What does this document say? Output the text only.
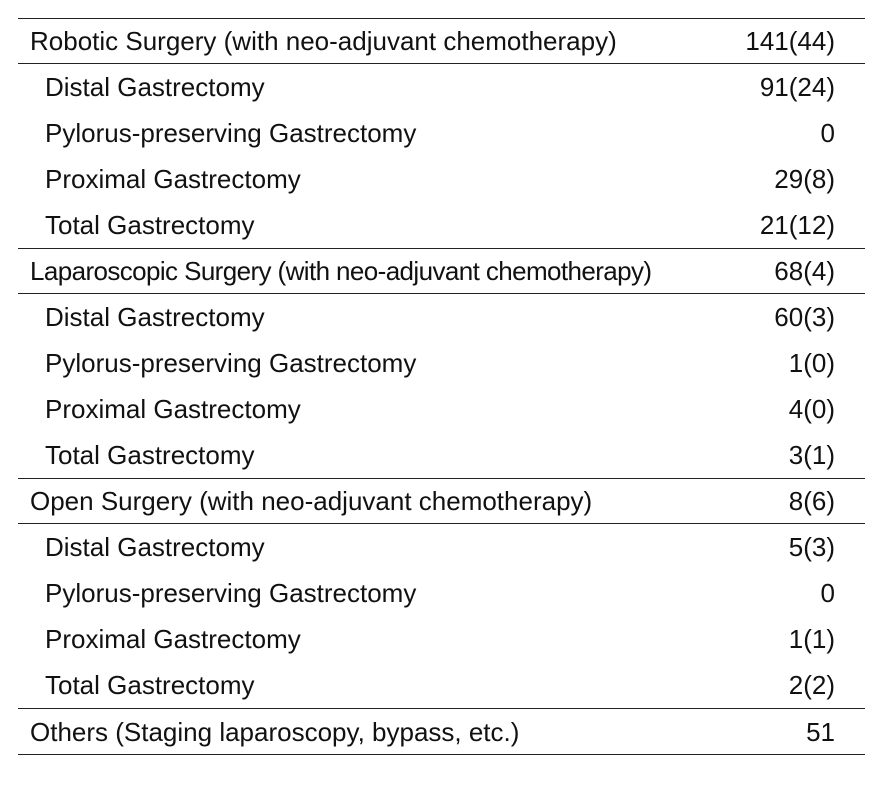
Robotic Surgery (with neo-adjuvant chemotherapy)	141(44)
Distal Gastrectomy	91(24)
Pylorus-preserving Gastrectomy	0
Proximal Gastrectomy	29(8)
Total Gastrectomy	21(12)
Laparoscopic Surgery (with neo-adjuvant chemotherapy)	68(4)
Distal Gastrectomy	60(3)
Pylorus-preserving Gastrectomy	1(0)
Proximal Gastrectomy	4(0)
Total Gastrectomy	3(1)
Open Surgery (with neo-adjuvant chemotherapy)	8(6)
Distal Gastrectomy	5(3)
Pylorus-preserving Gastrectomy	0
Proximal Gastrectomy	1(1)
Total Gastrectomy	2(2)
Others (Staging laparoscopy, bypass, etc.)	51
